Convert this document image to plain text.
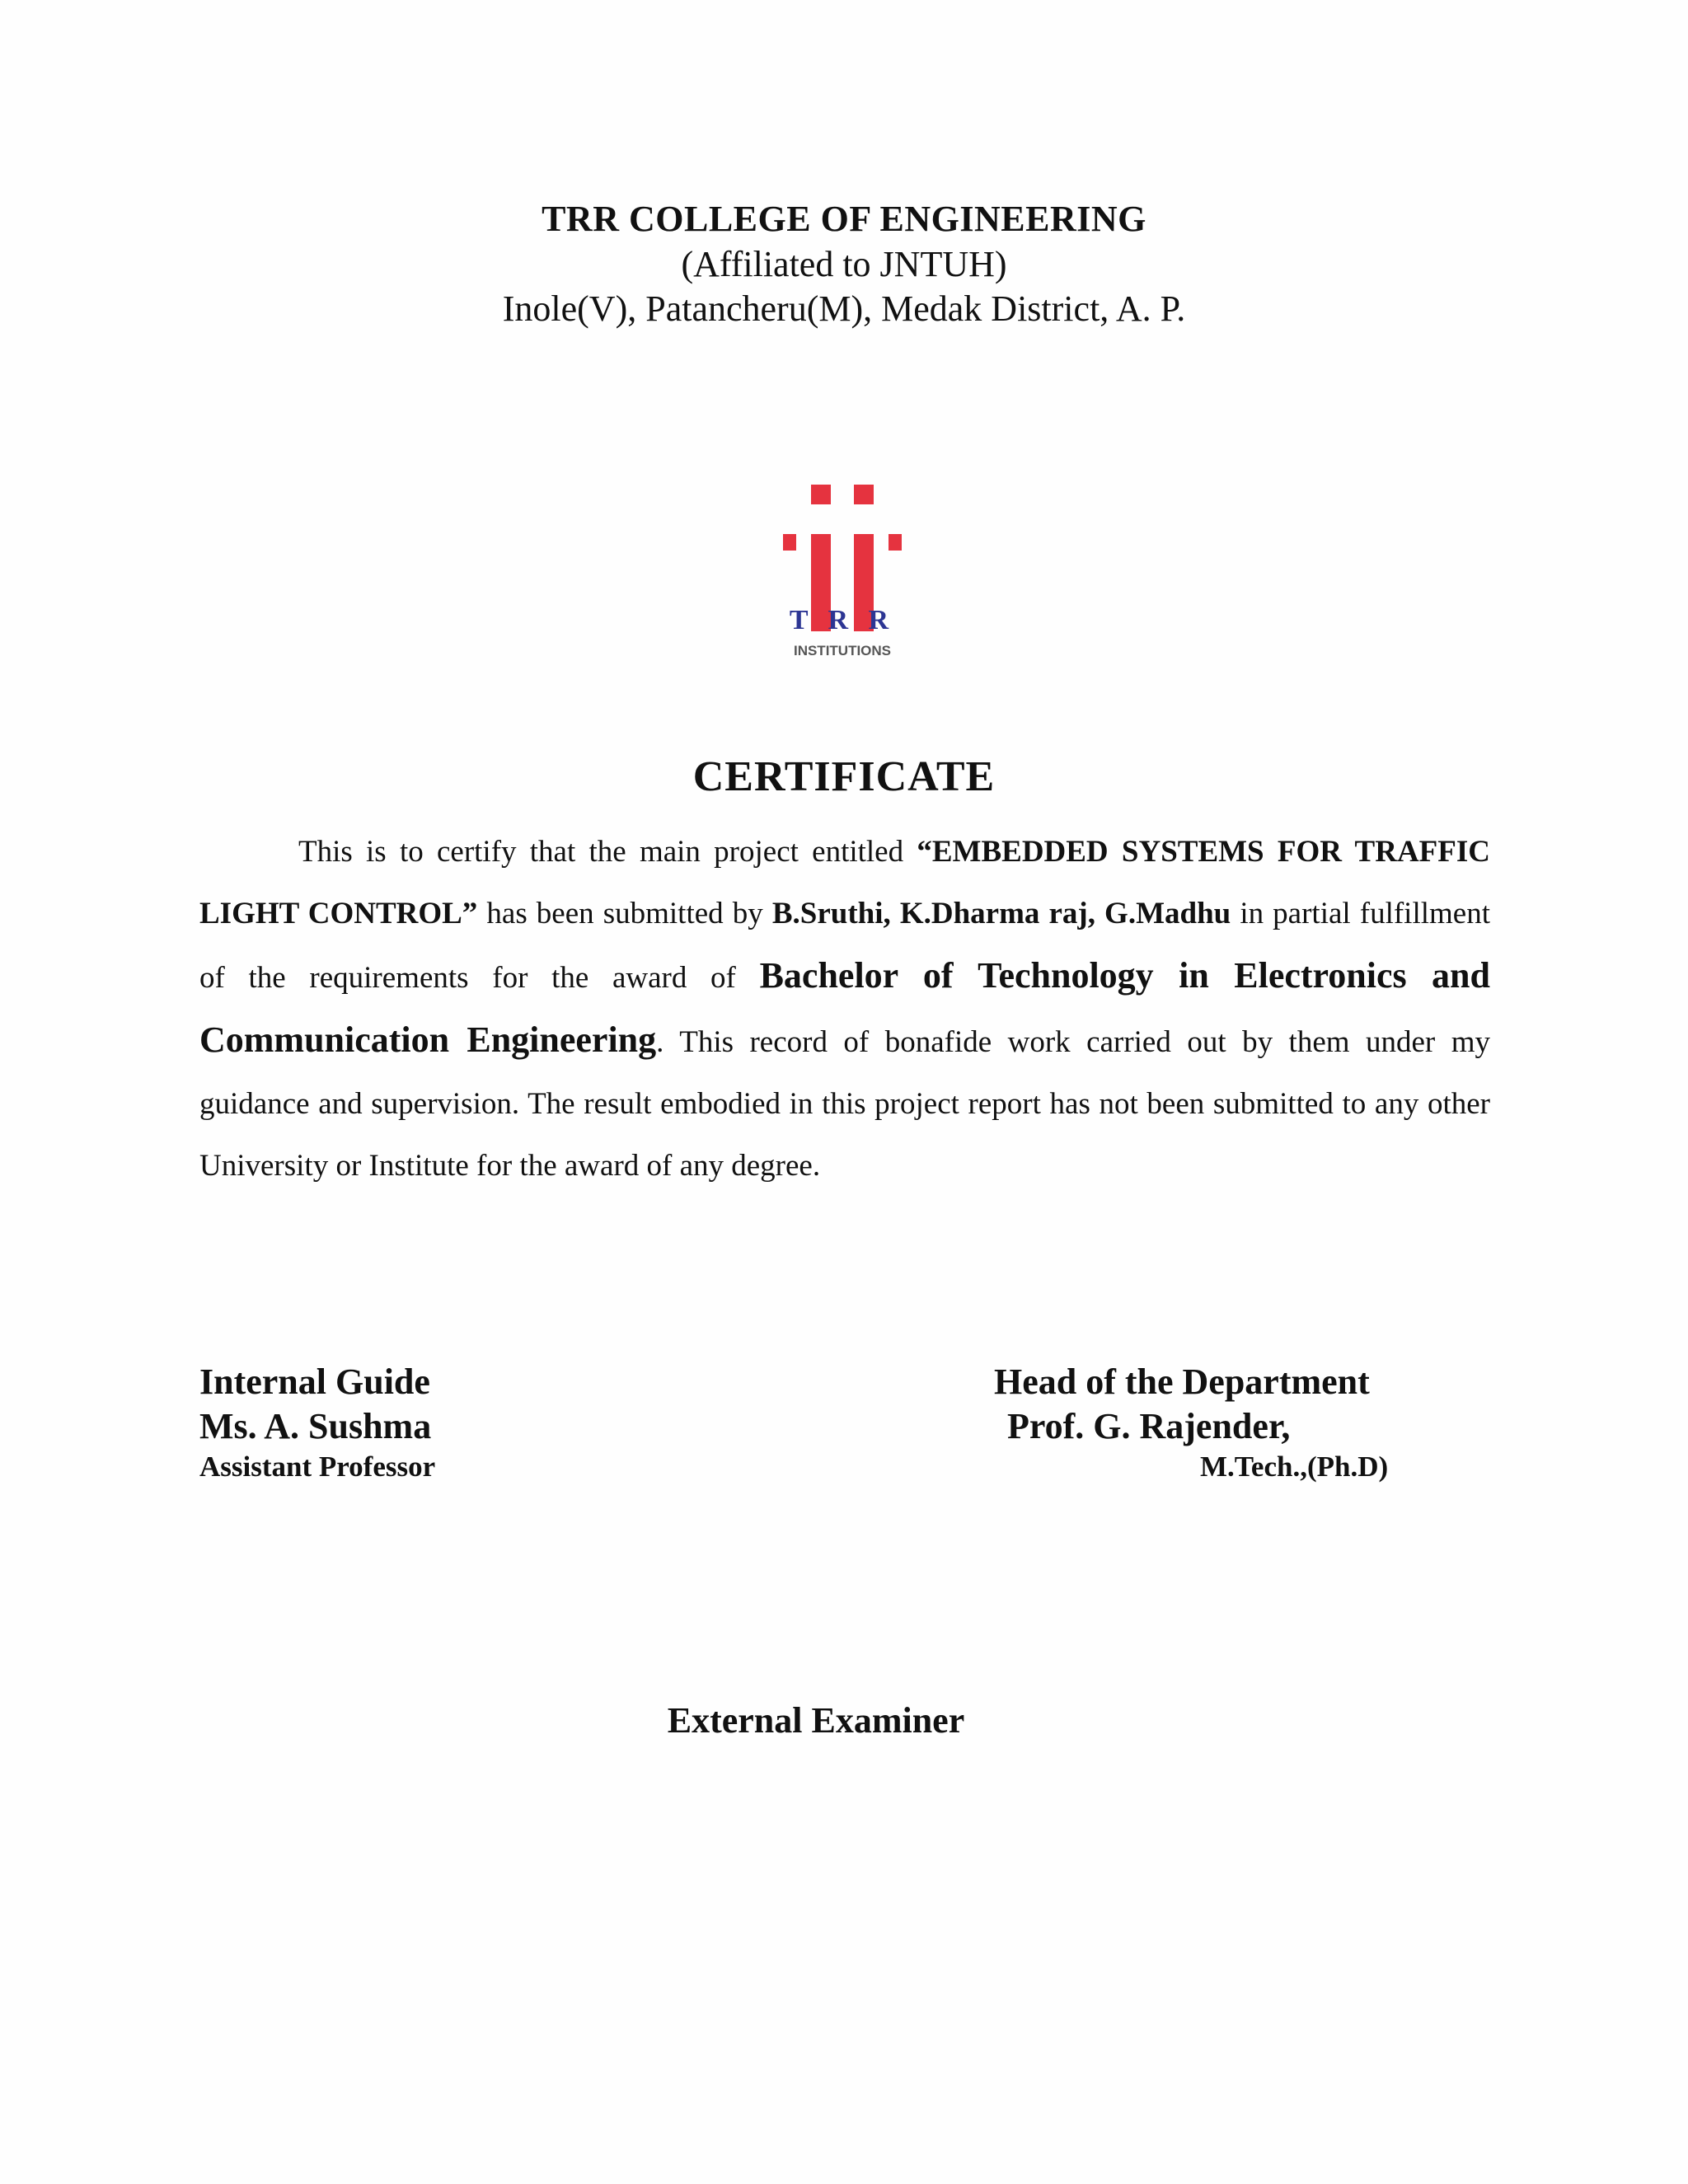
TRR COLLEGE OF ENGINEERING
(Affiliated to JNTUH)
Inole(V), Patancheru(M), Medak District, A. P.
T R R
INSTITUTIONS
CERTIFICATE
This is to certify that the main project entitled “EMBEDDED SYSTEMS FOR TRAFFIC LIGHT CONTROL” has been submitted by B.Sruthi, K.Dharma raj, G.Madhu in partial fulfillment of the requirements for the award of Bachelor of Technology in Electronics and Communication Engineering. This record of bonafide work carried out by them under my guidance and supervision. The result embodied in this project report has not been submitted to any other University or Institute for the award of any degree.
Internal Guide
Ms. A. Sushma
Assistant Professor
Head of the Department
Prof. G. Rajender,
M.Tech.,(Ph.D)
External Examiner
